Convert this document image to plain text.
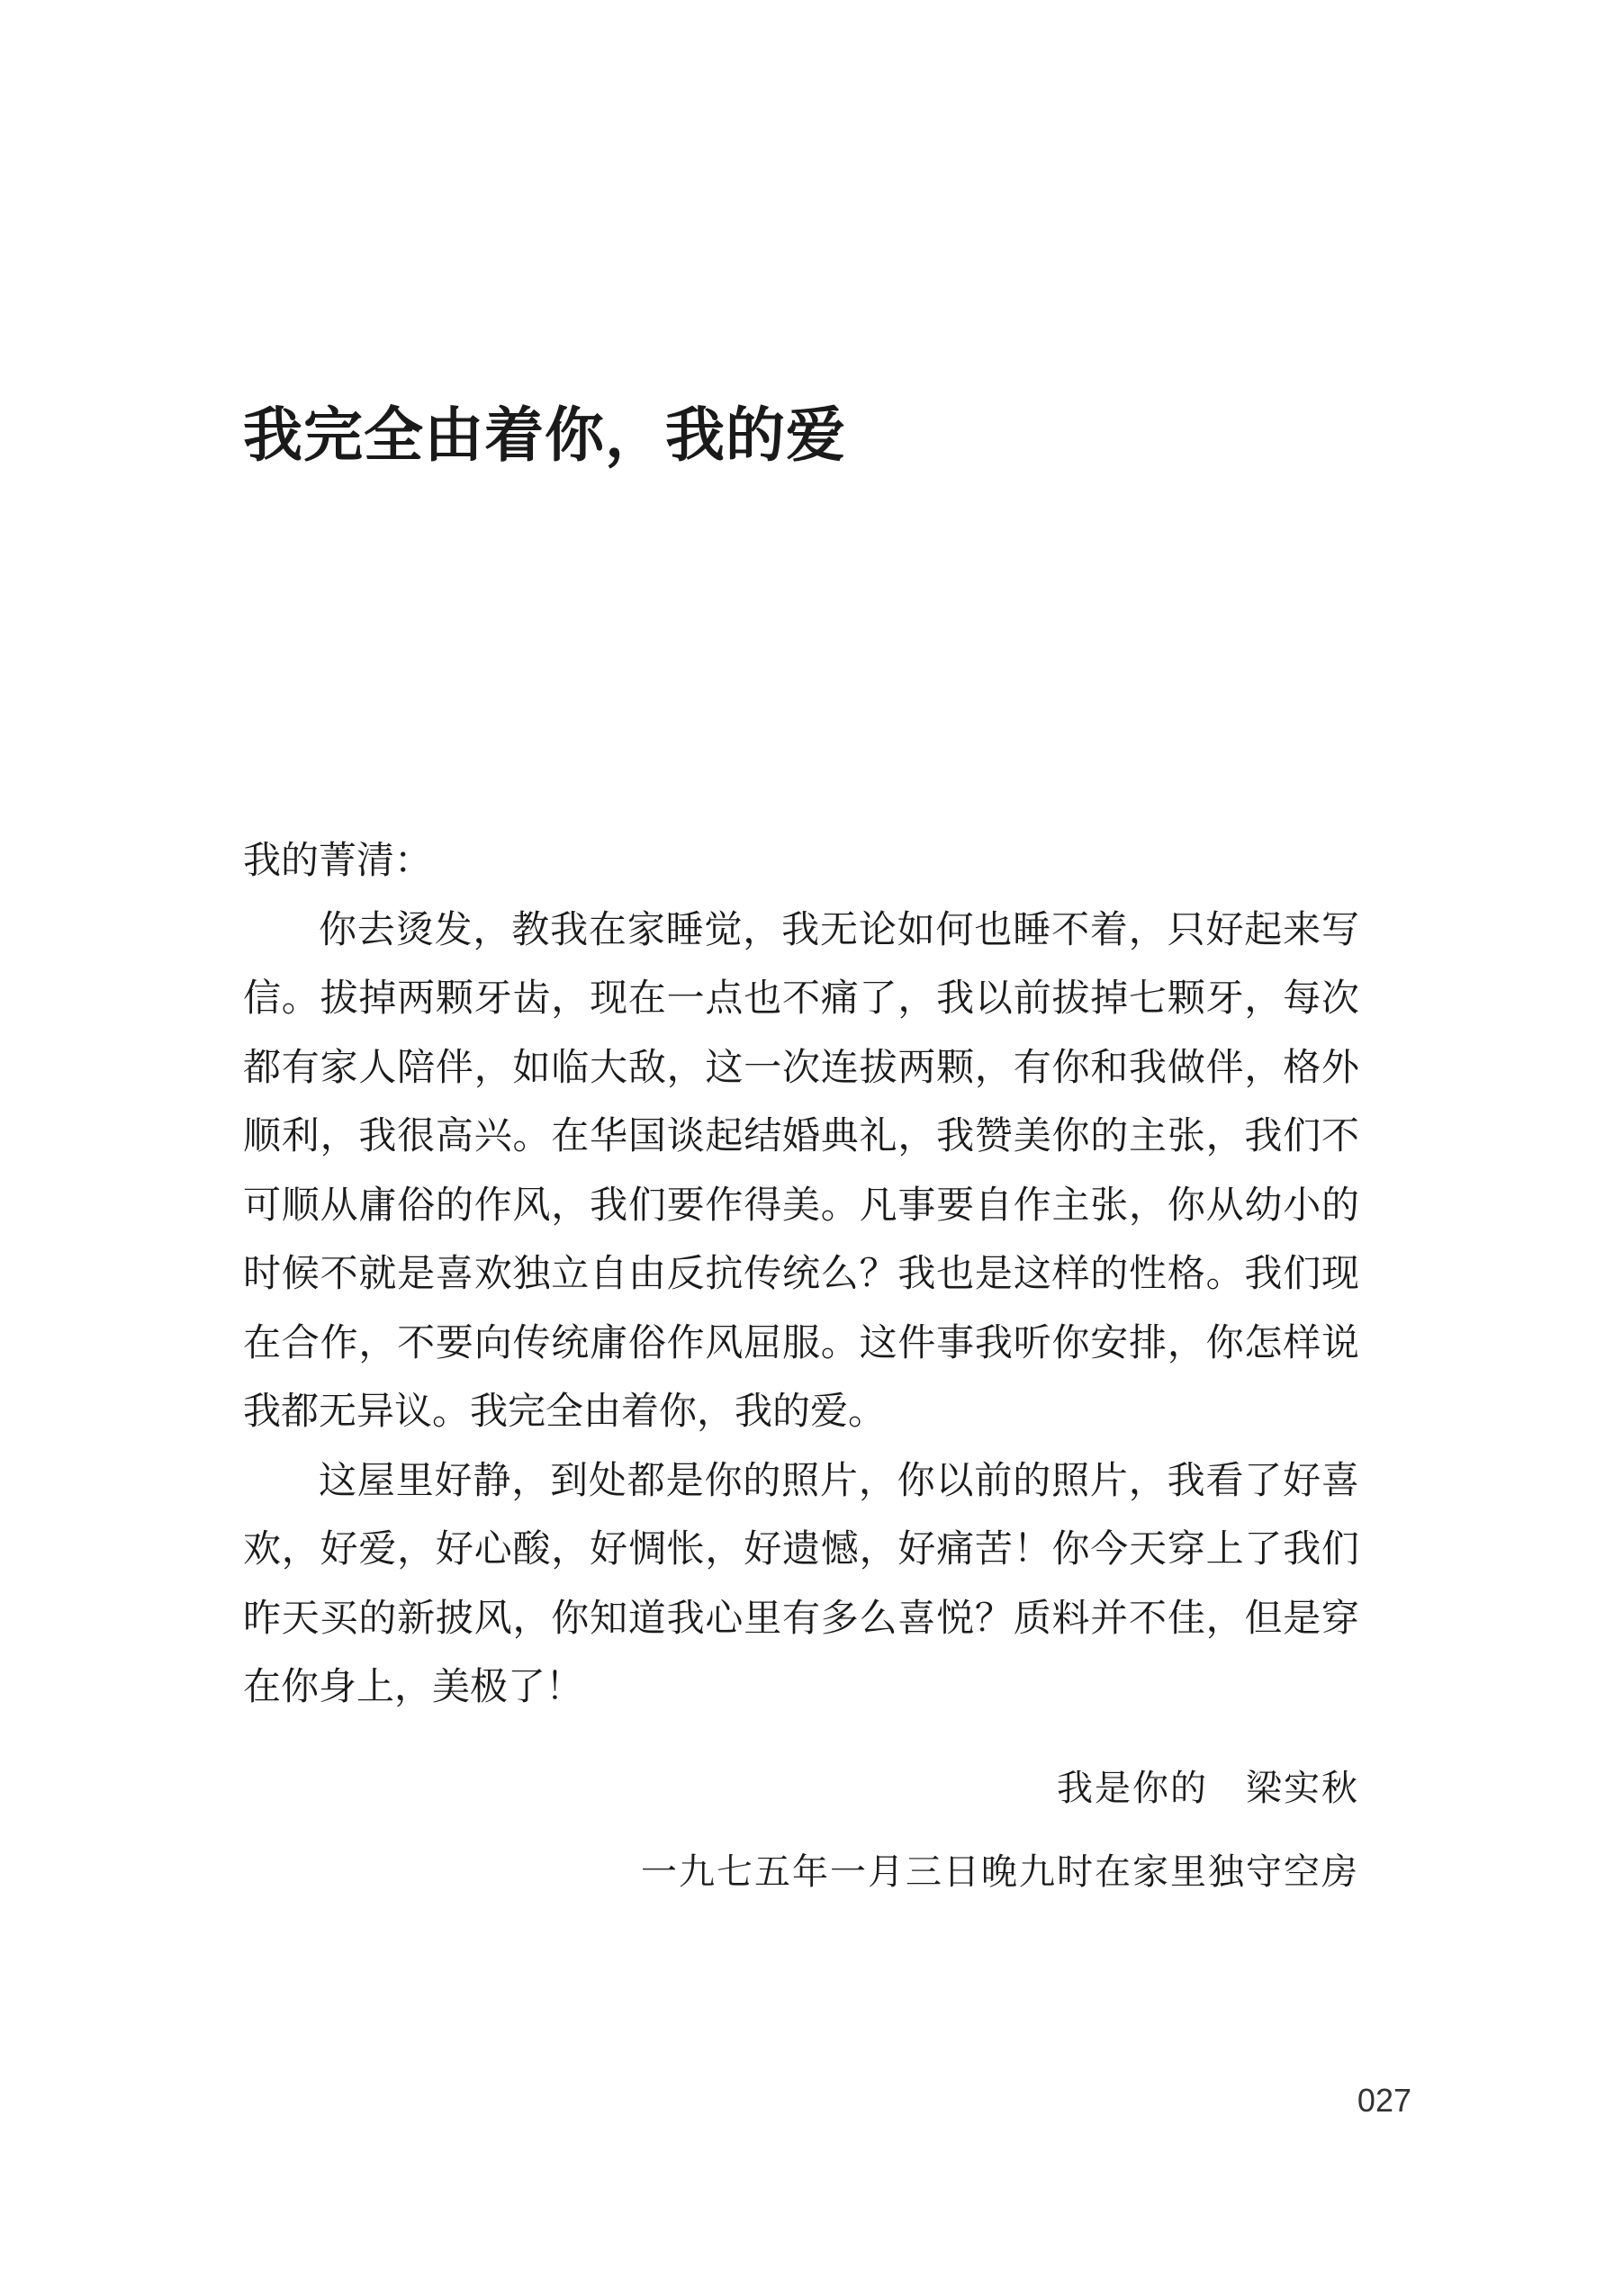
我完全由着你，我的爱

我的菁清：

你去烫发，教我在家睡觉，我无论如何也睡不着，只好起来写信。拔掉两颗牙齿，现在一点也不痛了，我以前拔掉七颗牙，每次都有家人陪伴，如临大敌，这一次连拔两颗，有你和我做伴，格外顺利，我很高兴。在华国谈起结婚典礼，我赞美你的主张，我们不可顺从庸俗的作风，我们要作得美。凡事要自作主张，你从幼小的时候不就是喜欢独立自由反抗传统么？我也是这样的性格。我们现在合作，不要向传统庸俗作风屈服。这件事我听你安排，你怎样说我都无异议。我完全由着你，我的爱。

这屋里好静，到处都是你的照片，你以前的照片，我看了好喜欢，好爱，好心酸，好惆怅，好遗憾，好痛苦！你今天穿上了我们昨天买的新披风，你知道我心里有多么喜悦？质料并不佳，但是穿在你身上，美极了！

我是你的　梁实秋

一九七五年一月三日晚九时在家里独守空房

027
